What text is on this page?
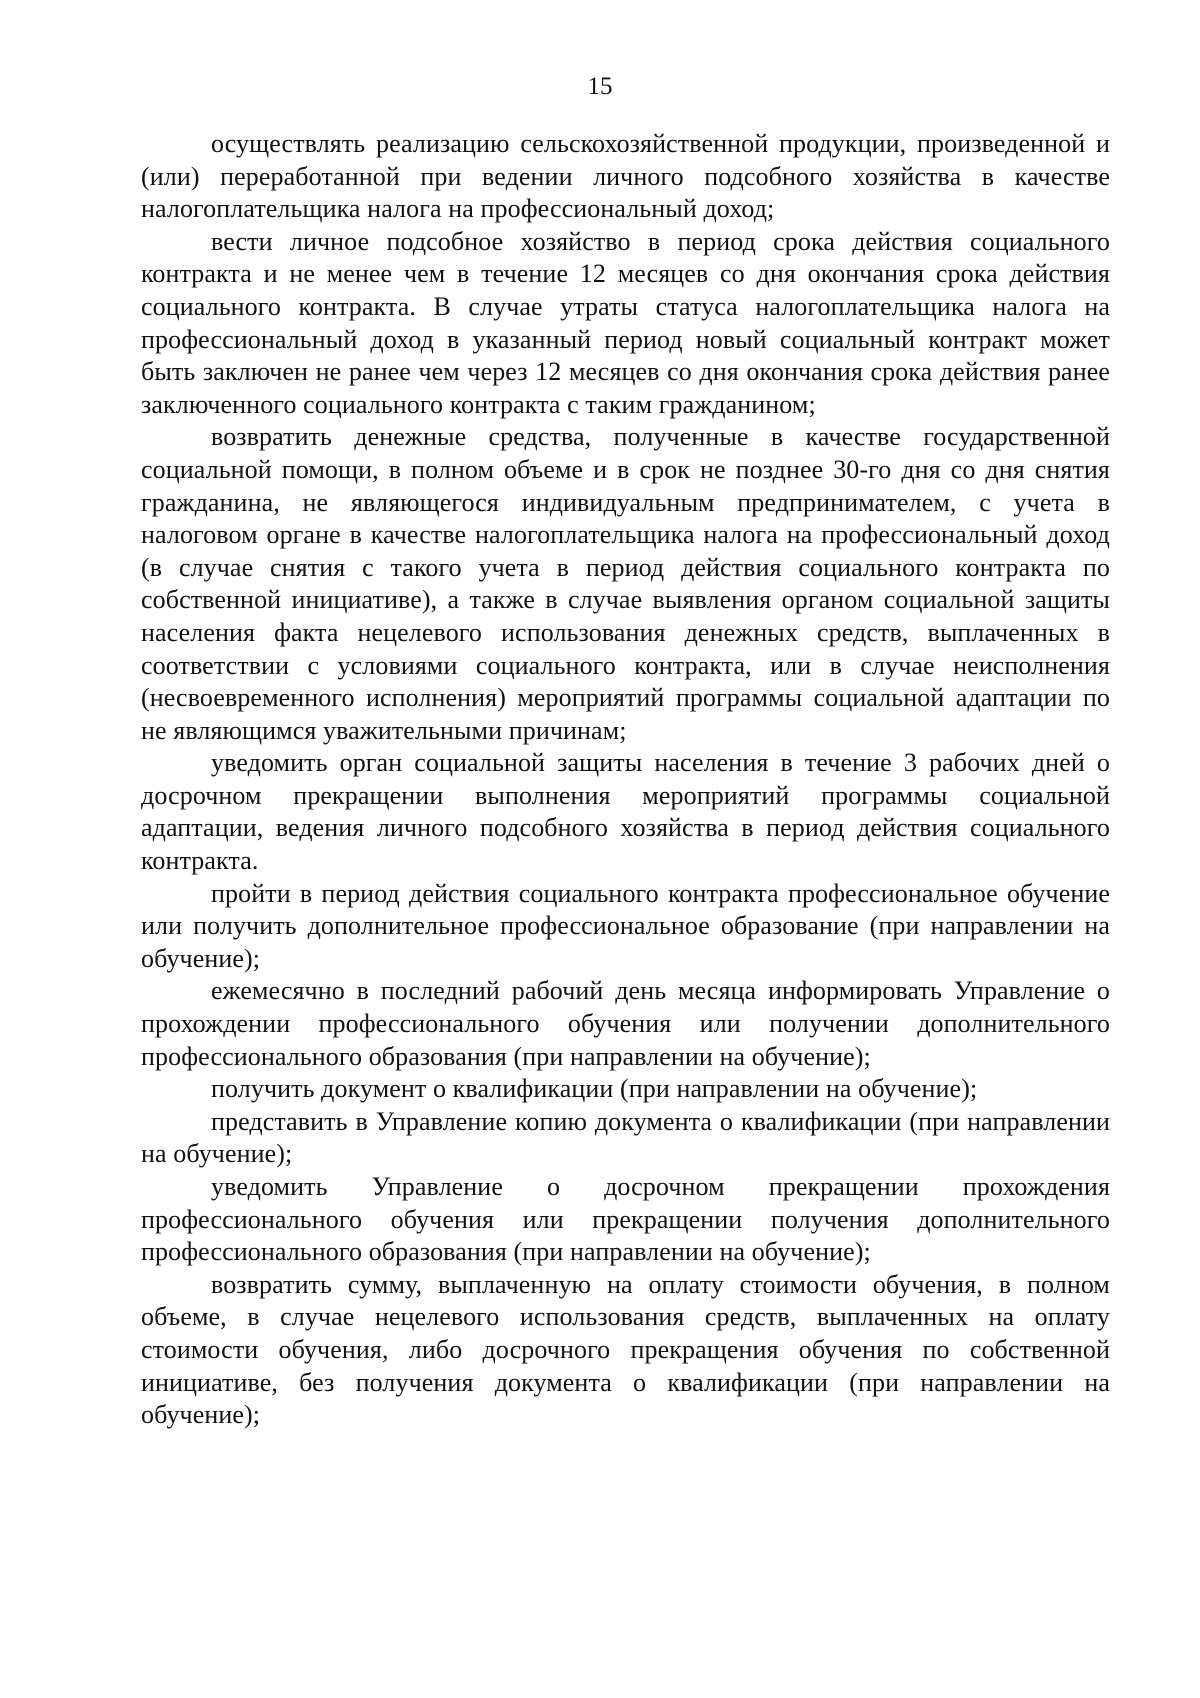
15

осуществлять реализацию сельскохозяйственной продукции, произведенной и (или) переработанной при ведении личного подсобного хозяйства в качестве налогоплательщика налога на профессиональный доход;

вести личное подсобное хозяйство в период срока действия социального контракта и не менее чем в течение 12 месяцев со дня окончания срока действия социального контракта. В случае утраты статуса налогоплательщика налога на профессиональный доход в указанный период новый социальный контракт может быть заключен не ранее чем через 12 месяцев со дня окончания срока действия ранее заключенного социального контракта с таким гражданином;

возвратить денежные средства, полученные в качестве государственной социальной помощи, в полном объеме и в срок не позднее 30-го дня со дня снятия гражданина, не являющегося индивидуальным предпринимателем, с учета в налоговом органе в качестве налогоплательщика налога на профессиональный доход (в случае снятия с такого учета в период действия социального контракта по собственной инициативе), а также в случае выявления органом социальной защиты населения факта нецелевого использования денежных средств, выплаченных в соответствии с условиями социального контракта, или в случае неисполнения (несвоевременного исполнения) мероприятий программы социальной адаптации по не являющимся уважительными причинам;

уведомить орган социальной защиты населения в течение 3 рабочих дней о досрочном прекращении выполнения мероприятий программы социальной адаптации, ведения личного подсобного хозяйства в период действия социального контракта.

пройти в период действия социального контракта профессиональное обучение или получить дополнительное профессиональное образование (при направлении на обучение);

ежемесячно в последний рабочий день месяца информировать Управление о прохождении профессионального обучения или получении дополнительного профессионального образования (при направлении на обучение);

получить документ о квалификации (при направлении на обучение);

представить в Управление копию документа о квалификации (при направлении на обучение);

уведомить Управление о досрочном прекращении прохождения профессионального обучения или прекращении получения дополнительного профессионального образования (при направлении на обучение);

возвратить сумму, выплаченную на оплату стоимости обучения, в полном объеме, в случае нецелевого использования средств, выплаченных на оплату стоимости обучения, либо досрочного прекращения обучения по собственной инициативе, без получения документа о квалификации (при направлении на обучение);
